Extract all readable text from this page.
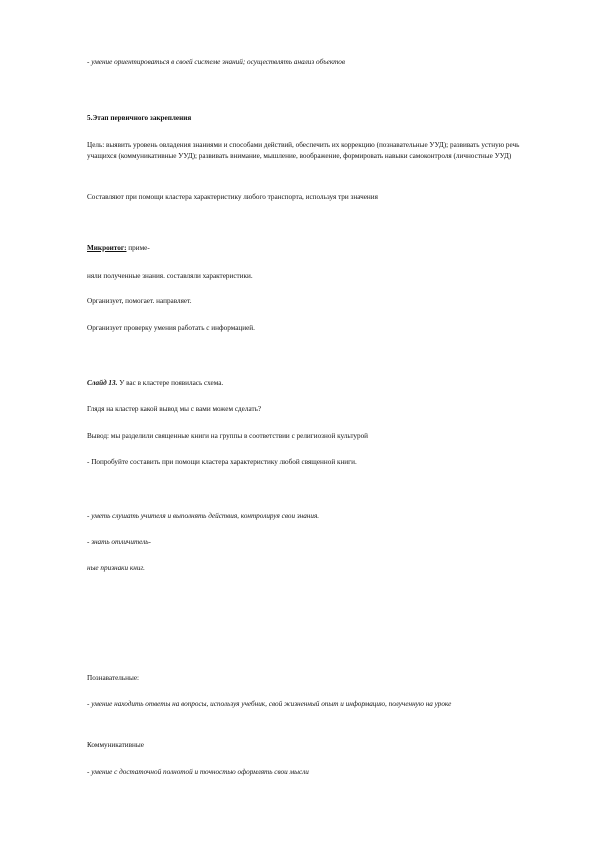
- умение ориентироваться в своей системе знаний; осуществлять анализ объектов
5.Этап первичного закрепления
Цель: выявить уровень овладения знаниями и способами действий, обеспечить их коррекцию (познавательные УУД); развивать устную речь учащихся (коммуникативные УУД); развивать внимание, мышление, воображение, формировать навыки самоконтроля (личностные УУД)
Составляют при помощи кластера характеристику любого транспорта, используя три значения
Микроитог: приме-
няли полученные знания. составляли характеристики.
Организует, помогает. направляет.
Организует проверку умения работать с информацией.
Слайд 13. У вас в кластере появилась схема.
Глядя на кластер какой вывод мы с вами можем сделать?
Вывод: мы разделили священные книги на группы в соответствии с религиозной культурой
- Попробуйте составить при помощи кластера характеристику любой священной книги.
- уметь слушать учителя и выполнять действия, контролируя свои знания.
- знать отличитель-
ные признаки книг.
Познавательные:
- умение находить ответы на вопросы, используя учебник, свой жизненный опыт и информацию, полученную на уроке
Коммуникативные
- умение с достаточной полнотой и точностью оформлять свои мысли
